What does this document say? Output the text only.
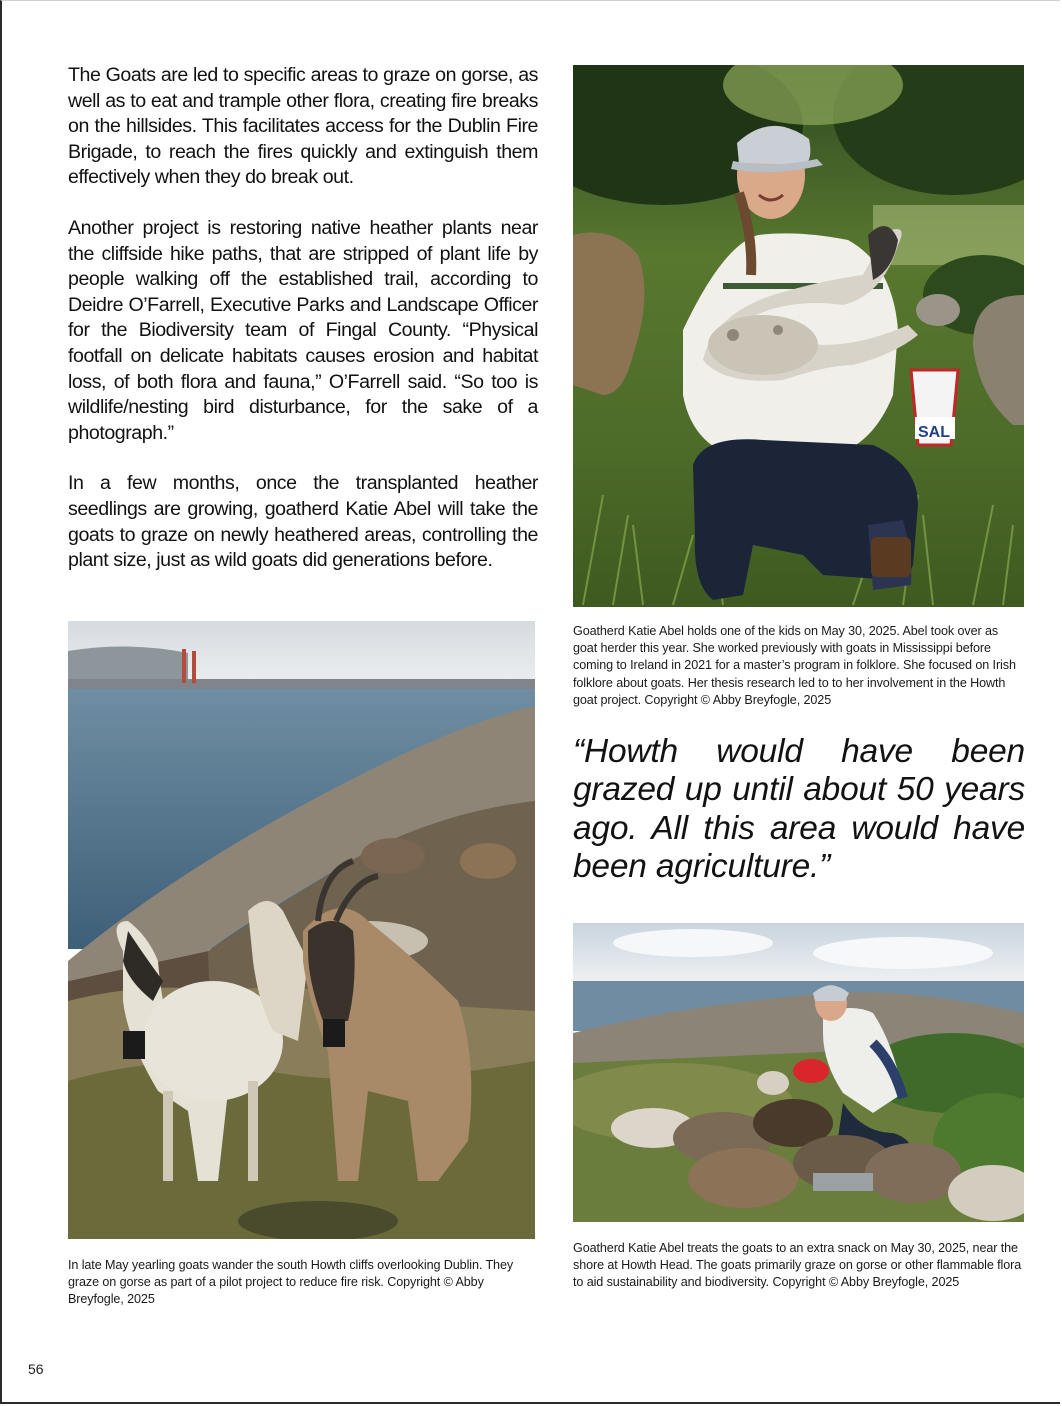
The Goats are led to specific areas to graze on gorse, as well as to eat and trample other flora, creating fire breaks on the hillsides. This facilitates access for the Dublin Fire Brigade, to reach the fires quickly and extinguish them effectively when they do break out.

Another project is restoring native heather plants near the cliffside hike paths, that are stripped of plant life by people walking off the established trail, according to Deidre O’Farrell, Executive Parks and Landscape Officer for the Biodiversity team of Fingal County. “Physical footfall on delicate habitats causes erosion and habitat loss, of both flora and fauna,” O’Farrell said. “So too is wildlife/nesting bird disturbance, for the sake of a photograph.”

In a few months, once the transplanted heather seedlings are growing, goatherd Katie Abel will take the goats to graze on newly heathered areas, controlling the plant size, just as wild goats did generations before.

SAL
Goatherd Katie Abel holds one of the kids on May 30, 2025. Abel took over as goat herder this year. She worked previously with goats in Mississippi before coming to Ireland in 2021 for a master’s program in folklore. She focused on Irish folklore about goats. Her thesis research led to to her involvement in the Howth goat project. Copyright © Abby Breyfogle, 2025
“Howth would have been grazed up until about 50 years ago. All this area would have been agriculture.”
In late May yearling goats wander the south Howth cliffs overlooking Dublin. They graze on gorse as part of a pilot project to reduce fire risk. Copyright © Abby Breyfogle, 2025
Goatherd Katie Abel treats the goats to an extra snack on May 30, 2025, near the shore at Howth Head. The goats primarily graze on gorse or other flammable flora to aid sustainability and biodiversity. Copyright © Abby Breyfogle, 2025
56
